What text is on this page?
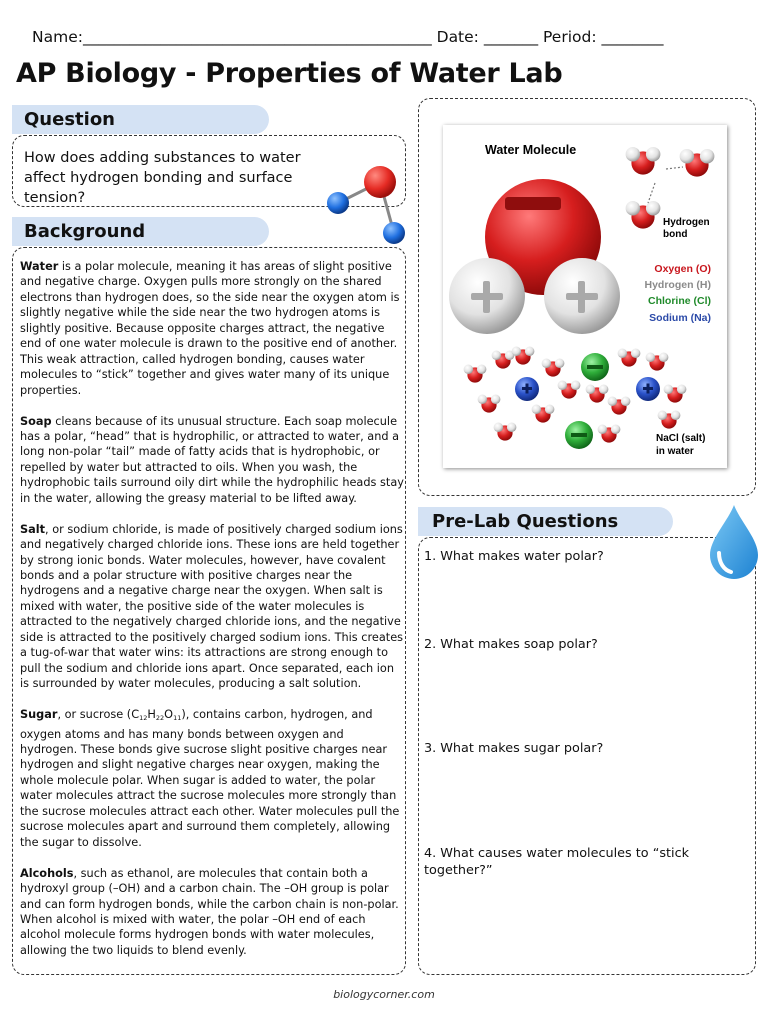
Name:_____________________________________________ Date: _______ Period: ________
AP Biology - Properties of Water Lab
Question
How does adding substances to water affect hydrogen bonding and surface tension?
Background

Water is a polar molecule, meaning it has areas of slight positive and negative charge. Oxygen pulls more strongly on the shared electrons than hydrogen does, so the side near the oxygen atom is slightly negative while the side near the two hydrogen atoms is slightly positive. Because opposite charges attract, the negative end of one water molecule is drawn to the positive end of another. This weak attraction, called hydrogen bonding, causes water molecules to “stick” together and gives water many of its unique properties.

Soap cleans because of its unusual structure. Each soap molecule has a polar, “head” that is hydrophilic, or attracted to water, and a long non-polar “tail” made of fatty acids that is hydrophobic, or repelled by water but attracted to oils. When you wash, the hydrophobic tails surround oily dirt while the hydrophilic heads stay in the water, allowing the greasy material to be lifted away.

Salt, or sodium chloride, is made of positively charged sodium ions and negatively charged chloride ions. These ions are held together by strong ionic bonds. Water molecules, however, have covalent bonds and a polar structure with positive charges near the hydrogens and a negative charge near the oxygen. When salt is mixed with water, the positive side of the water molecules is attracted to the negatively charged chloride ions, and the negative side is attracted to the positively charged sodium ions. This creates a tug-of-war that water wins: its attractions are strong enough to pull the sodium and chloride ions apart. Once separated, each ion is surrounded by water molecules, producing a salt solution.

Sugar, or sucrose (C12H22O11), contains carbon, hydrogen, and oxygen atoms and has many bonds between oxygen and hydrogen. These bonds give sucrose slight positive charges near hydrogen and slight negative charges near oxygen, making the whole molecule polar. When sugar is added to water, the polar water molecules attract the sucrose molecules more strongly than the sucrose molecules attract each other. Water molecules pull the sucrose molecules apart and surround them completely, allowing the sugar to dissolve.

Alcohols, such as ethanol, are molecules that contain both a hydroxyl group (–OH) and a carbon chain. The –OH group is polar and can form hydrogen bonds, while the carbon chain is non-polar. When alcohol is mixed with water, the polar –OH end of each alcohol molecule forms hydrogen bonds with water molecules, allowing the two liquids to blend evenly.

Water Molecule
Hydrogen
bond
Oxygen (O)
Hydrogen (H)
Chlorine (Cl)
Sodium (Na)
NaCl (salt)
in water
Pre-Lab Questions
1. What makes water polar?
2. What makes soap polar?
3. What makes sugar polar?
4. What causes water molecules to “stick together?”
biologycorner.com
